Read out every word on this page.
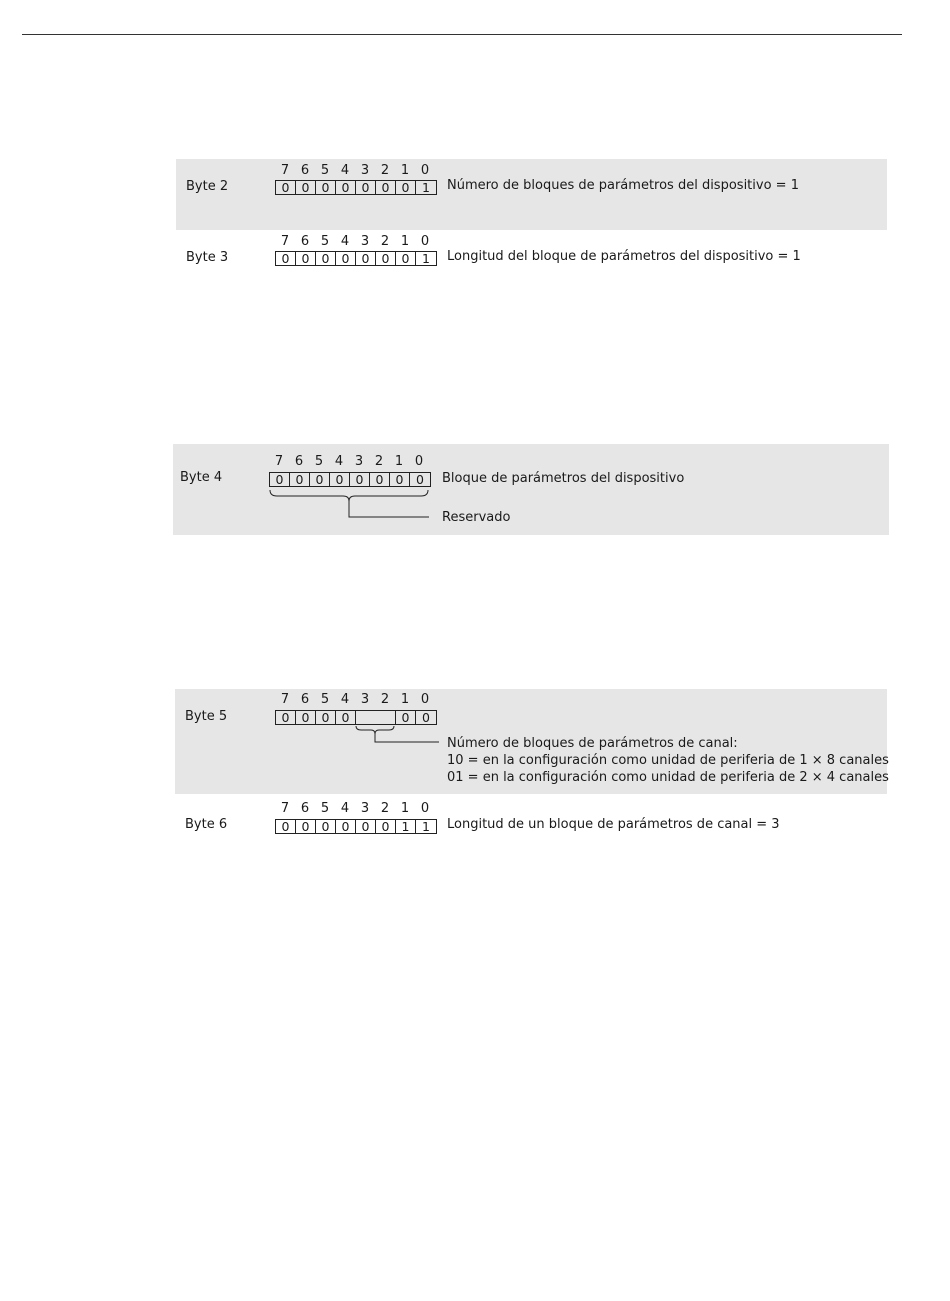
Byte 2
7 6 5 4 3 2 1 0
0 0 0 0 0 0 0	1	Número de bloques de parámetros del dispositivo = 1
Byte 3
7 6 5 4 3 2 1 0
0 0 0 0 0 0 0	1	Longitud del bloque de parámetros del dispositivo = 1
Byte 4
7 6 5 4 3 2 1 0
0 0 0 0 0 0 0	0	Bloque de parámetros del dispositivo
Reservado
Byte 5
7 6 5 4 3 2 1 0
0 0 0 0	0	0
Número de bloques de parámetros de canal:
10 = en la configuración como unidad de periferia de 1 × 8 canales
01 = en la configuración como unidad de periferia de 2 × 4 canales
Byte 6
7 6 5 4 3 2 1 0
0 0 0 0 0 0 1	1	Longitud de un bloque de parámetros de canal = 3
